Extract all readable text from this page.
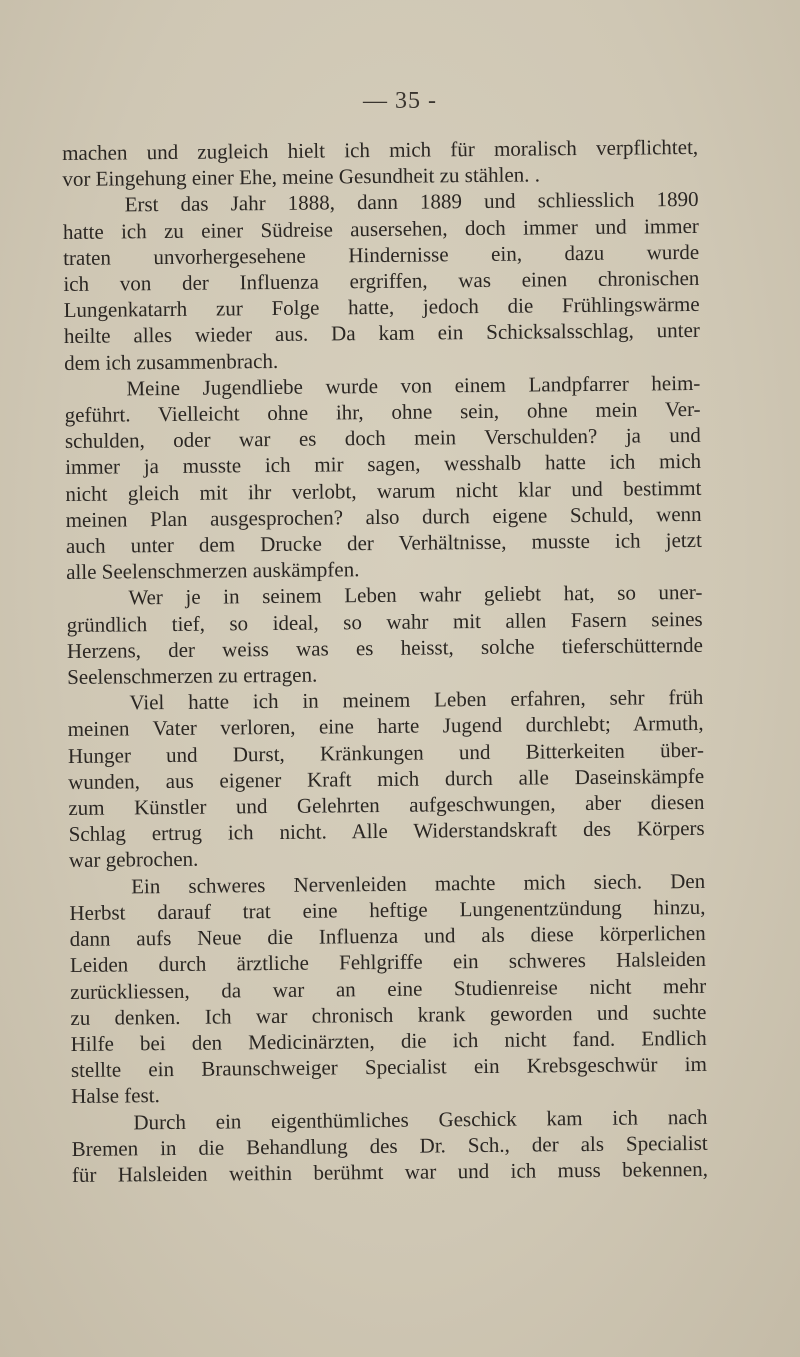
— 35 -
machen und zugleich hielt ich mich für moralisch verpflichtet,
vor Eingehung einer Ehe, meine Gesundheit zu stählen. .
Erst das Jahr 1888, dann 1889 und schliesslich 1890
hatte ich zu einer Südreise ausersehen, doch immer und immer
traten unvorhergesehene Hindernisse ein, dazu wurde
ich von der Influenza ergriffen, was einen chronischen
Lungenkatarrh zur Folge hatte, jedoch die Frühlingswärme
heilte alles wieder aus. Da kam ein Schicksalsschlag, unter
dem ich zusammenbrach.
Meine Jugendliebe wurde von einem Landpfarrer heim-
geführt. Vielleicht ohne ihr, ohne sein, ohne mein Ver-
schulden, oder war es doch mein Verschulden? ja und
immer ja musste ich mir sagen, wesshalb hatte ich mich
nicht gleich mit ihr verlobt, warum nicht klar und bestimmt
meinen Plan ausgesprochen? also durch eigene Schuld, wenn
auch unter dem Drucke der Verhältnisse, musste ich jetzt
alle Seelenschmerzen auskämpfen.
Wer je in seinem Leben wahr geliebt hat, so uner-
gründlich tief, so ideal, so wahr mit allen Fasern seines
Herzens, der weiss was es heisst, solche tieferschütternde
Seelenschmerzen zu ertragen.
Viel hatte ich in meinem Leben erfahren, sehr früh
meinen Vater verloren, eine harte Jugend durchlebt; Armuth,
Hunger und Durst, Kränkungen und Bitterkeiten über-
wunden, aus eigener Kraft mich durch alle Daseinskämpfe
zum Künstler und Gelehrten aufgeschwungen, aber diesen
Schlag ertrug ich nicht. Alle Widerstandskraft des Körpers
war gebrochen.
Ein schweres Nervenleiden machte mich siech. Den
Herbst darauf trat eine heftige Lungenentzündung hinzu,
dann aufs Neue die Influenza und als diese körperlichen
Leiden durch ärztliche Fehlgriffe ein schweres Halsleiden
zurückliessen, da war an eine Studienreise nicht mehr
zu denken. Ich war chronisch krank geworden und suchte
Hilfe bei den Medicinärzten, die ich nicht fand. Endlich
stellte ein Braunschweiger Specialist ein Krebsgeschwür im
Halse fest.
Durch ein eigenthümliches Geschick kam ich nach
Bremen in die Behandlung des Dr. Sch., der als Specialist
für Halsleiden weithin berühmt war und ich muss bekennen,
